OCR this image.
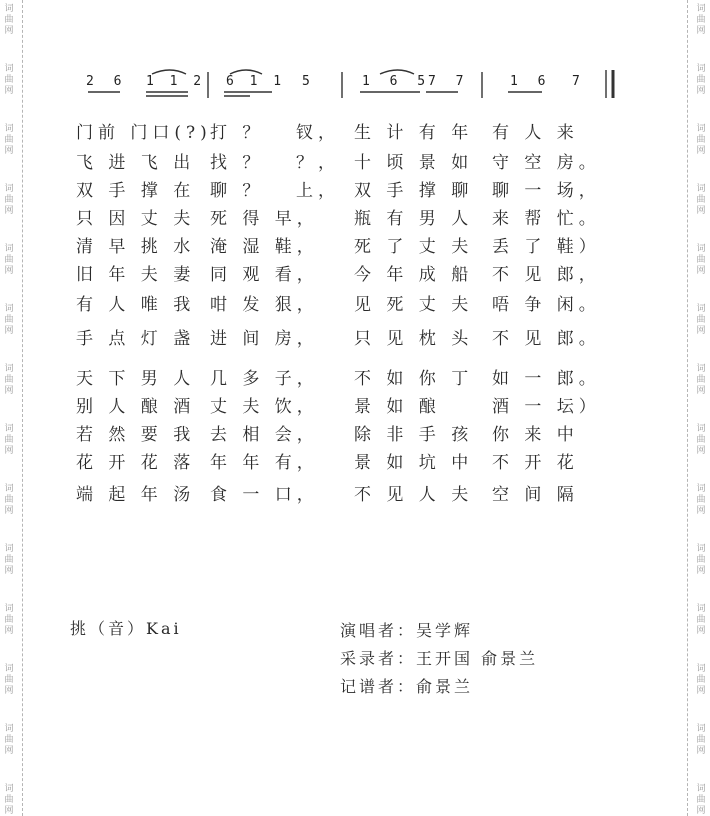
词
曲
网
词
曲
网
词
曲
网
词
曲
网
词
曲
网
词
曲
网
词
曲
网
词
曲
网
词
曲
网
词
曲
网
词
曲
网
词
曲
网
词
曲
网
词
曲
网
词
曲
网
词
曲
网
词
曲
网
词
曲
网
词
曲
网
词
曲
网
词
曲
网
词
曲
网
词
曲
网
词
曲
网
词
曲
网
词
曲
网
词
曲
网
词
曲
网
2 6 1 1 2 6 1 1 5	1 6 5
7 7	1 6 7
门前 门口(?)
打 ？ 钗， 生 计 有 年 有 人 来
飞 进 飞 出 找 ？ ？， 十 顷 景 如 守 空 房。
双 手 撑 在 聊 ？ 上， 双 手 撑 聊 聊 一 场，
只 因 丈 夫 死 得 早， 瓶 有 男 人 来 帮 忙。
清 早 挑 水 淹 湿 鞋， 死 了 丈 夫 丢 了 鞋）
旧 年 夫 妻 同 观 看， 今 年 成 船 不 见 郎，
有 人 唯 我 咁 发 狠， 见 死 丈 夫 唔 争 闲。
手 点 灯 盏 进 间 房， 只 见 枕 头 不 见 郎。
天 下 男 人 几 多 子， 不 如 你 丁 如 一 郎。
别 人 酿 酒 丈 夫 饮， 景 如 酿	酒 一 坛）
若 然 要 我 去 相 会， 除 非 手 孩 你 来 中
花 开 花 落 年 年 有， 景 如 坑 中 不 开 花
端 起 年 汤 食 一 口， 不 见 人 夫 空 间 隔
挑（音）Kai	演唱者：吴学辉
采录者：王开国 俞景兰
记谱者：俞景兰
